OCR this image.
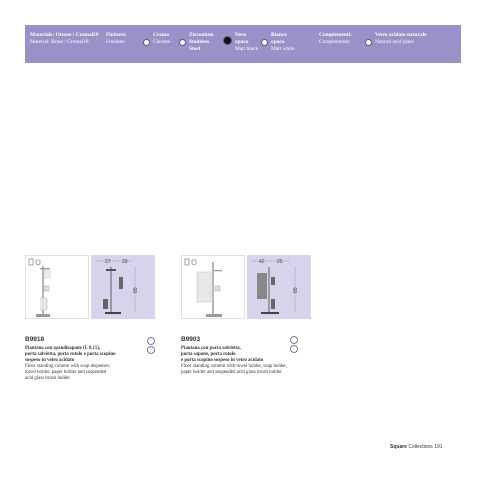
Materiale: Ottone / Cromall®
Material: Brass / Cromall®
Finiture:
Finishes:
Cromo
Chrome
Zirconium
Stainless
Steel
Nero
opaco
Matt black
Bianco
opaco
Matt white
Complementi:
Complements:
Vetro acidato naturale
Natural acid glass
27 20
85
42 25
85
B9918
Piantana con spandisapone (L 0,15),
porta salvietta, porta rotolo e porta scopino
sospeso in vetro acidato
Floor standing column with soap dispenser,
towel holder, paper holder and suspended
acid glass brush holder
B9903
Piantana con porta salvietta,
porta sapone, porta rotolo
e porta scopino sospeso in vetro acidato
Floor standing column with towel holder, soap holder,
paper holder and suspended acid glass brush holder
Square Collections 191
